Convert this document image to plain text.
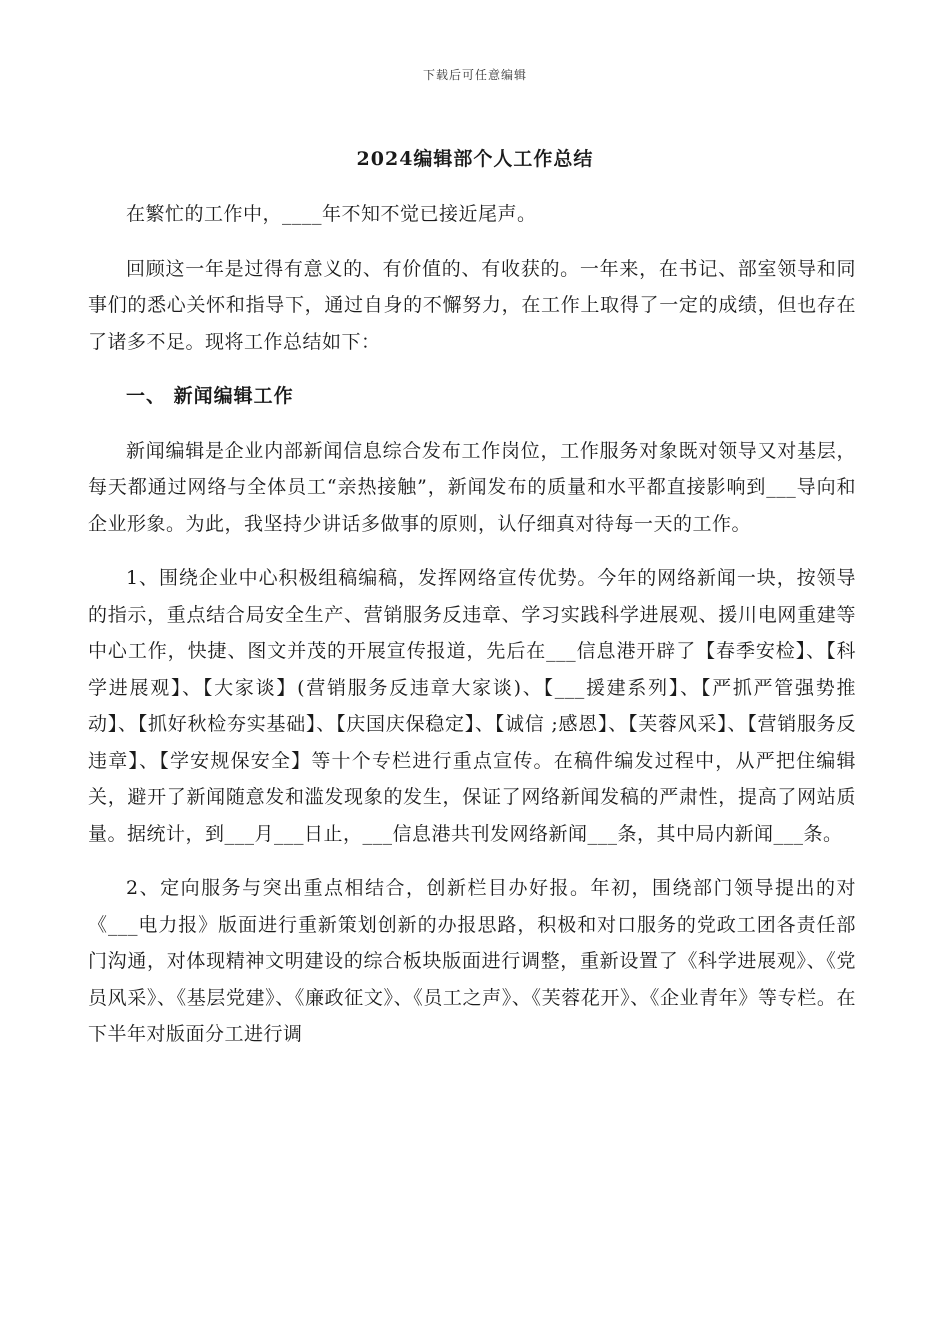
下载后可任意编辑
2024编辑部个人工作总结

在繁忙的工作中，____年不知不觉已接近尾声。

回顾这一年是过得有意义的、有价值的、有收获的。一年来，在书记、部室领导和同事们的悉心关怀和指导下，通过自身的不懈努力，在工作上取得了一定的成绩，但也存在了诸多不足。现将工作总结如下：

一、 新闻编辑工作

新闻编辑是企业内部新闻信息综合发布工作岗位，工作服务对象既对领导又对基层，每天都通过网络与全体员工“亲热接触”，新闻发布的质量和水平都直接影响到___导向和企业形象。为此，我坚持少讲话多做事的原则，认仔细真对待每一天的工作。

1、围绕企业中心积极组稿编稿，发挥网络宣传优势。今年的网络新闻一块，按领导的指示，重点结合局安全生产、营销服务反违章、学习实践科学进展观、援川电网重建等中心工作，快捷、图文并茂的开展宣传报道，先后在___信息港开辟了【春季安检】、【科学进展观】、【大家谈】(营销服务反违章大家谈)、【___援建系列】、【严抓严管强势推动】、【抓好秋检夯实基础】、【庆国庆保稳定】、【诚信 ;感恩】、【芙蓉风采】、【营销服务反违章】、【学安规保安全】等十个专栏进行重点宣传。在稿件编发过程中，从严把住编辑关，避开了新闻随意发和滥发现象的发生，保证了网络新闻发稿的严肃性，提高了网站质量。据统计，到___月___日止，___信息港共刊发网络新闻___条，其中局内新闻___条。

2、定向服务与突出重点相结合，创新栏目办好报。年初，围绕部门领导提出的对《___电力报》版面进行重新策划创新的办报思路，积极和对口服务的党政工团各责任部门沟通，对体现精神文明建设的综合板块版面进行调整，重新设置了《科学进展观》、《党员风采》、《基层党建》、《廉政征文》、《员工之声》、《芙蓉花开》、《企业青年》等专栏。在下半年对版面分工进行调
